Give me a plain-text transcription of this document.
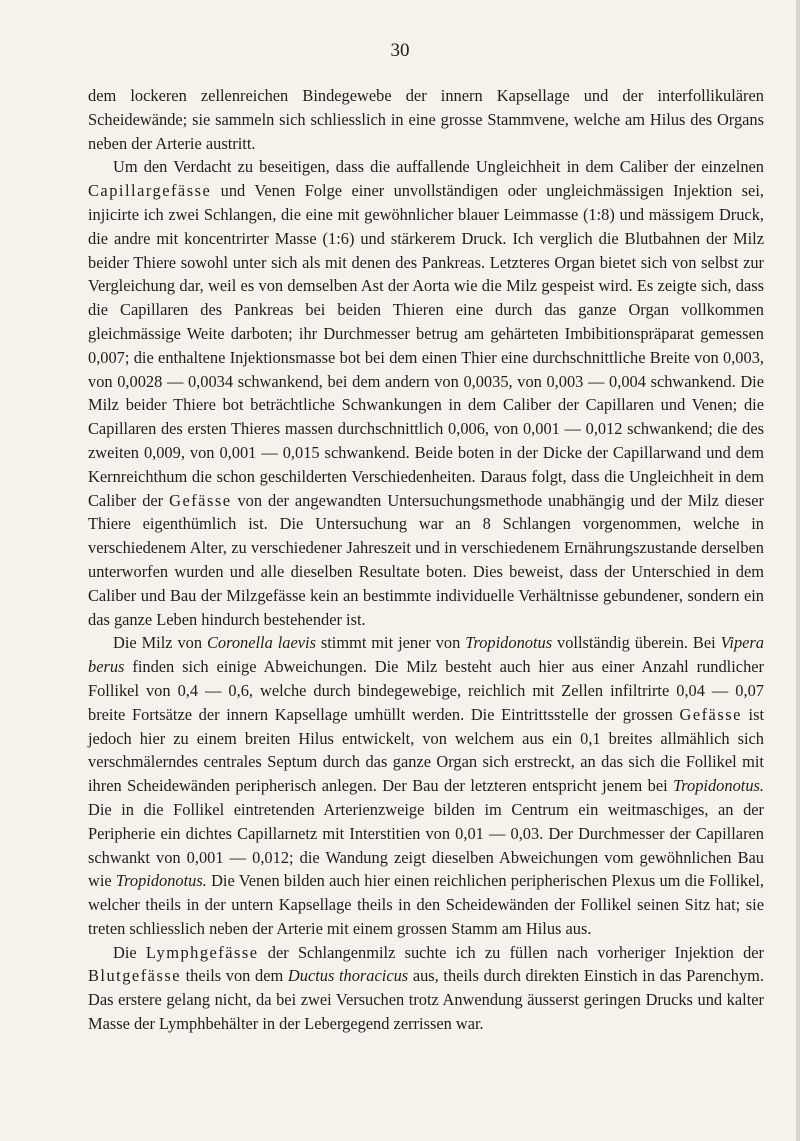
30

dem lockeren zellenreichen Bindegewebe der innern Kapsellage und der interfollikulären Scheidewände; sie sammeln sich schliesslich in eine grosse Stammvene, welche am Hilus des Organs neben der Arterie austritt.

Um den Verdacht zu beseitigen, dass die auffallende Ungleichheit in dem Caliber der einzelnen Capillargefässe und Venen Folge einer unvollständigen oder ungleichmässigen Injektion sei, injicirte ich zwei Schlangen, die eine mit gewöhnlicher blauer Leimmasse (1:8) und mässigem Druck, die andre mit koncentrirter Masse (1:6) und stärkerem Druck. Ich verglich die Blutbahnen der Milz beider Thiere sowohl unter sich als mit denen des Pankreas. Letzteres Organ bietet sich von selbst zur Vergleichung dar, weil es von demselben Ast der Aorta wie die Milz gespeist wird. Es zeigte sich, dass die Capillaren des Pankreas bei beiden Thieren eine durch das ganze Organ vollkommen gleichmässige Weite darboten; ihr Durchmesser betrug am gehärteten Imbibitionspräparat gemessen 0,007; die enthaltene Injektionsmasse bot bei dem einen Thier eine durchschnittliche Breite von 0,003, von 0,0028 — 0,0034 schwankend, bei dem andern von 0,0035, von 0,003 — 0,004 schwankend. Die Milz beider Thiere bot beträchtliche Schwankungen in dem Caliber der Capillaren und Venen; die Capillaren des ersten Thieres massen durchschnittlich 0,006, von 0,001 — 0,012 schwankend; die des zweiten 0,009, von 0,001 — 0,015 schwankend. Beide boten in der Dicke der Capillarwand und dem Kernreichthum die schon geschilderten Verschiedenheiten. Daraus folgt, dass die Ungleichheit in dem Caliber der Gefässe von der angewandten Untersuchungsmethode unabhängig und der Milz dieser Thiere eigenthümlich ist. Die Untersuchung war an 8 Schlangen vorgenommen, welche in verschiedenem Alter, zu verschiedener Jahreszeit und in verschiedenem Ernährungszustande derselben unterworfen wurden und alle dieselben Resultate boten. Dies beweist, dass der Unterschied in dem Caliber und Bau der Milzgefässe kein an bestimmte individuelle Verhältnisse gebundener, sondern ein das ganze Leben hindurch bestehender ist.

Die Milz von Coronella laevis stimmt mit jener von Tropidonotus vollständig überein. Bei Vipera berus finden sich einige Abweichungen. Die Milz besteht auch hier aus einer Anzahl rundlicher Follikel von 0,4 — 0,6, welche durch bindegewebige, reichlich mit Zellen infiltrirte 0,04 — 0,07 breite Fortsätze der innern Kapsellage umhüllt werden. Die Eintrittsstelle der grossen Gefässe ist jedoch hier zu einem breiten Hilus entwickelt, von welchem aus ein 0,1 breites allmählich sich verschmälerndes centrales Septum durch das ganze Organ sich erstreckt, an das sich die Follikel mit ihren Scheidewänden peripherisch anlegen. Der Bau der letzteren entspricht jenem bei Tropidonotus. Die in die Follikel eintretenden Arterienzweige bilden im Centrum ein weitmaschiges, an der Peripherie ein dichtes Capillarnetz mit Interstitien von 0,01 — 0,03. Der Durchmesser der Capillaren schwankt von 0,001 — 0,012; die Wandung zeigt dieselben Abweichungen vom gewöhnlichen Bau wie Tropidonotus. Die Venen bilden auch hier einen reichlichen peripherischen Plexus um die Follikel, welcher theils in der untern Kapsellage theils in den Scheidewänden der Follikel seinen Sitz hat; sie treten schliesslich neben der Arterie mit einem grossen Stamm am Hilus aus.

Die Lymphgefässe der Schlangenmilz suchte ich zu füllen nach vorheriger Injektion der Blutgefässe theils von dem Ductus thoracicus aus, theils durch direkten Einstich in das Parenchym. Das erstere gelang nicht, da bei zwei Versuchen trotz Anwendung äusserst geringen Drucks und kalter Masse der Lymphbehälter in der Lebergegend zerrissen war.
